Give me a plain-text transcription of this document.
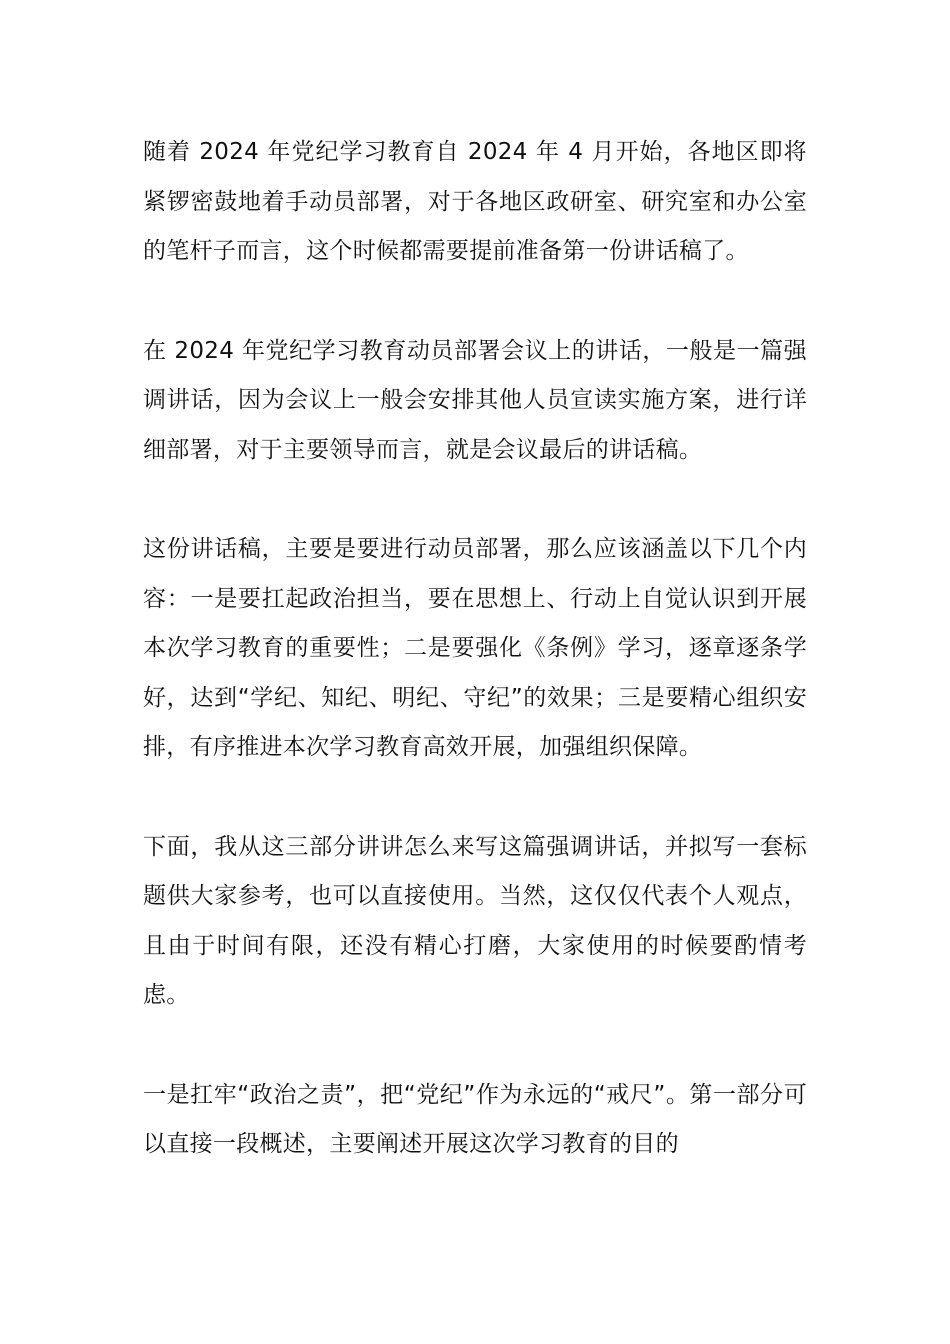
随着 2024 年党纪学习教育自 2024 年 4 月开始，各地区即将紧锣密鼓地着手动员部署，对于各地区政研室、研究室和办公室的笔杆子而言，这个时候都需要提前准备第一份讲话稿了。

在 2024 年党纪学习教育动员部署会议上的讲话，一般是一篇强调讲话，因为会议上一般会安排其他人员宣读实施方案，进行详细部署，对于主要领导而言，就是会议最后的讲话稿。

这份讲话稿，主要是要进行动员部署，那么应该涵盖以下几个内容：一是要扛起政治担当，要在思想上、行动上自觉认识到开展本次学习教育的重要性；二是要强化《条例》学习，逐章逐条学好，达到“学纪、知纪、明纪、守纪”的效果；三是要精心组织安排，有序推进本次学习教育高效开展，加强组织保障。

下面，我从这三部分讲讲怎么来写这篇强调讲话，并拟写一套标题供大家参考，也可以直接使用。当然，这仅仅代表个人观点，且由于时间有限，还没有精心打磨，大家使用的时候要酌情考虑。

一是扛牢“政治之责”，把“党纪”作为永远的“戒尺”。第一部分可以直接一段概述，主要阐述开展这次学习教育的目的
